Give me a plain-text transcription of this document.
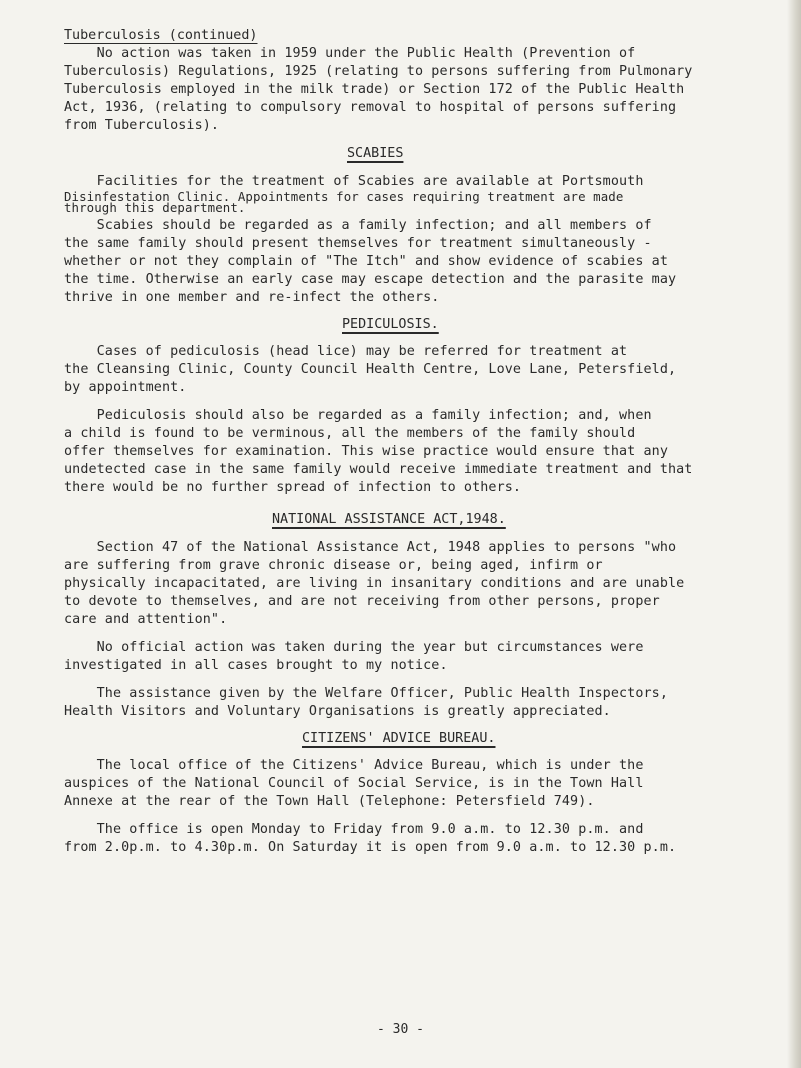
Tuberculosis (continued)

No action was taken in 1959 under the Public Health (Prevention of

Tuberculosis) Regulations, 1925 (relating to persons suffering from Pulmonary

Tuberculosis employed in the milk trade) or Section 172 of the Public Health

Act, 1936, (relating to compulsory removal to hospital of persons suffering

from Tuberculosis).

SCABIES

Facilities for the treatment of Scabies are available at Portsmouth

Disinfestation Clinic. Appointments for cases requiring treatment are made

through this department.

Scabies should be regarded as a family infection; and all members of

the same family should present themselves for treatment simultaneously -

whether or not they complain of "The Itch" and show evidence of scabies at

the time. Otherwise an early case may escape detection and the parasite may

thrive in one member and re-infect the others.

PEDICULOSIS.

Cases of pediculosis (head lice) may be referred for treatment at

the Cleansing Clinic, County Council Health Centre, Love Lane, Petersfield,

by appointment.

Pediculosis should also be regarded as a family infection; and, when

a child is found to be verminous, all the members of the family should

offer themselves for examination. This wise practice would ensure that any

undetected case in the same family would receive immediate treatment and that

there would be no further spread of infection to others.

NATIONAL ASSISTANCE ACT,1948.

Section 47 of the National Assistance Act, 1948 applies to persons "who

are suffering from grave chronic disease or, being aged, infirm or

physically incapacitated, are living in insanitary conditions and are unable

to devote to themselves, and are not receiving from other persons, proper

care and attention".

No official action was taken during the year but circumstances were

investigated in all cases brought to my notice.

The assistance given by the Welfare Officer, Public Health Inspectors,

Health Visitors and Voluntary Organisations is greatly appreciated.

CITIZENS' ADVICE BUREAU.

The local office of the Citizens' Advice Bureau, which is under the

auspices of the National Council of Social Service, is in the Town Hall

Annexe at the rear of the Town Hall (Telephone: Petersfield 749).

The office is open Monday to Friday from 9.0 a.m. to 12.30 p.m. and

from 2.0p.m. to 4.30p.m. On Saturday it is open from 9.0 a.m. to 12.30 p.m.

- 30 -
